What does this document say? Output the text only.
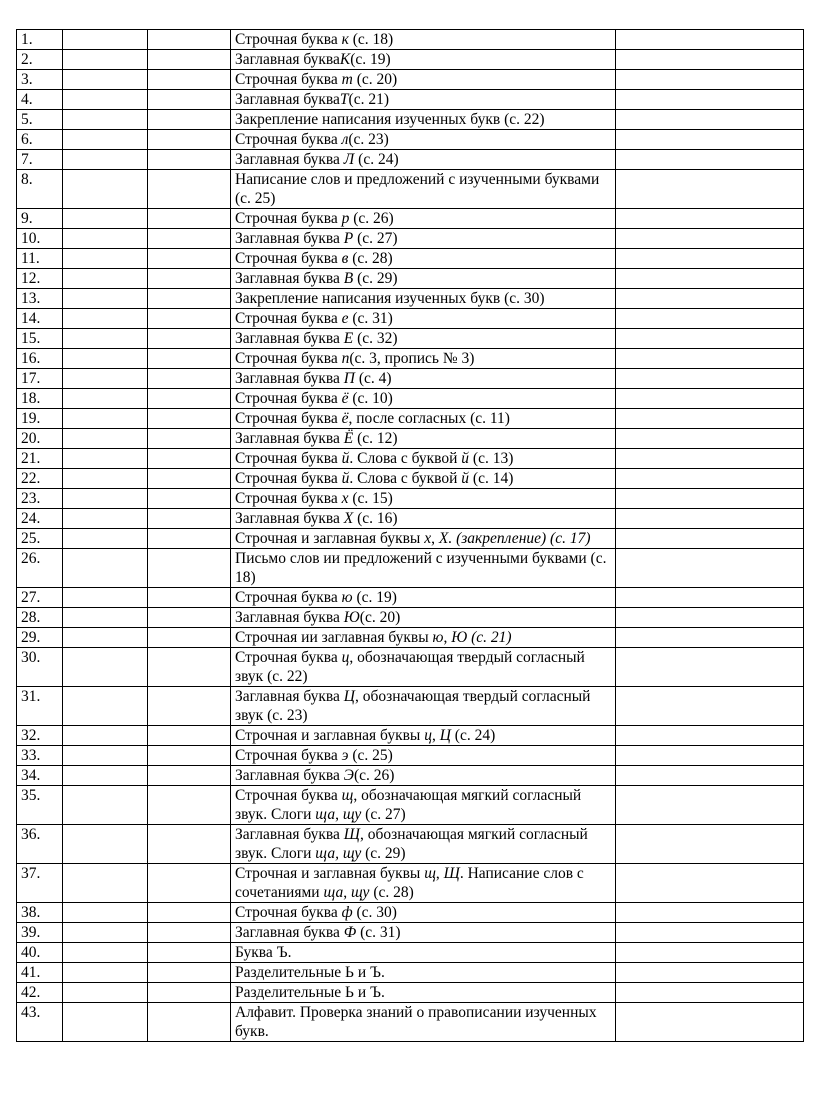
1.			Строчная буква к (с. 18)	
2.			Заглавная букваК(с. 19)	
3.			Строчная буква т (с. 20)	
4.			Заглавная букваТ(с. 21)	
5.			Закрепление написания изученных букв (с. 22)	
6.			Строчная буква л(с. 23)	
7.			Заглавная буква Л (с. 24)	
8.			Написание слов и предложений с изученными буквами (с. 25)	
9.			Строчная буква р (с. 26)	
10.			Заглавная буква Р (с. 27)	
11.			Строчная буква в (с. 28)	
12.			Заглавная буква В (с. 29)	
13.			Закрепление написания изученных букв (с. 30)	
14.			Строчная буква е (с. 31)	
15.			Заглавная буква Е (с. 32)	
16.			Строчная буква п(с. 3, пропись № 3)	
17.			Заглавная буква П (с. 4)	
18.			Строчная буква ё (с. 10)	
19.			Строчная буква ё, после согласных (с. 11)	
20.			Заглавная буква Ё (с. 12)	
21.			Строчная буква й. Слова с буквой й (с. 13)	
22.			Строчная буква й. Слова с буквой й (с. 14)	
23.			Строчная буква х (с. 15)	
24.			Заглавная буква Х (с. 16)	
25.			Строчная и заглавная буквы х, Х. (закрепление) (с. 17)	
26.			Письмо слов ии предложений с изученными буквами (с. 18)	
27.			Строчная буква ю (с. 19)	
28.			Заглавная буква Ю(с. 20)	
29.			Строчная ии заглавная буквы ю, Ю (с. 21)	
30.			Строчная буква ц, обозначающая твердый согласный звук (с. 22)	
31.			Заглавная буква Ц, обозначающая твердый согласный звук (с. 23)	
32.			Строчная и заглавная буквы ц, Ц (с. 24)	
33.			Строчная буква э (с. 25)	
34.			Заглавная буква Э(с. 26)	
35.			Строчная буква щ, обозначающая мягкий согласный звук. Слоги ща, щу (с. 27)	
36.			Заглавная буква Щ, обозначающая мягкий согласный звук. Слоги ща, щу (с. 29)	
37.			Строчная и заглавная буквы щ, Щ. Написание слов с сочетаниями ща, щу (с. 28)	
38.			Строчная буква ф (с. 30)	
39.			Заглавная буква Ф (с. 31)	
40.			Буква Ъ.	
41.			Разделительные Ь и Ъ.	
42.			Разделительные Ь и Ъ.	
43.			Алфавит. Проверка знаний о правописании изученных букв.	
